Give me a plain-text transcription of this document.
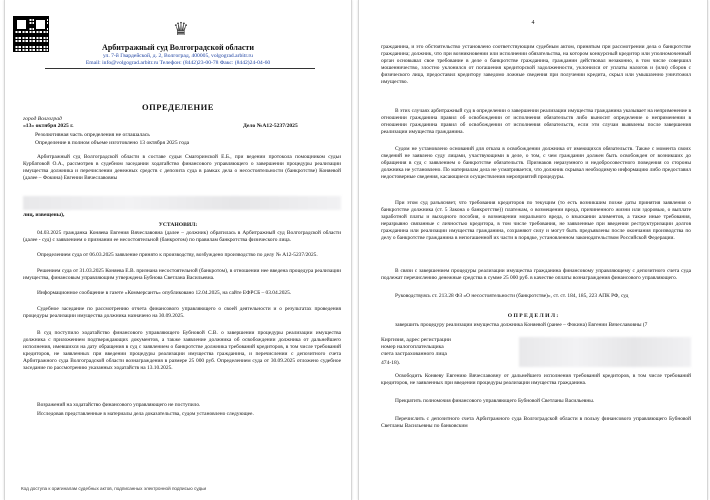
♛
Арбитражный суд Волгоградской области
ул. 7-й Гвардейской, д. 2, Волгоград, 400005, volgograd.arbitr.ru
Email: info@volgograd.arbitr.ru Телефон: (8442)23-00-78 Факс: (8442)24-04-60
ОПРЕДЕЛЕНИЕ
город Волгоград
«13» октября 2025 г.	Дело №А12-5237/2025
Резолютивная часть определения не оглашалась
Определение в полном объеме изготовлено 13 октября 2025 года
Арбитражный суд Волгоградской области в составе судьи Смагоринской Е.Б., при ведении протокола помощником судьи Курбатовой О.А., рассмотрев в судебном заседании ходатайство финансового управляющего о завершении процедуры реализации имущества должника и перечислении денежных средств с депозита суда в рамках дела о несостоятельности (банкротстве) Коняевой (далее – Фокина) Евгении Вячеславовны
лиц, извещены),
УСТАНОВИЛ:
04.03.2025 гражданка Коняева Евгения Вячеславовна (далее – должник) обратилась в Арбитражный суд Волгоградской области (далее - суд) с заявлением о признании ее несостоятельной (банкротом) по правилам банкротства физического лица.
Определением суда от 06.03.2025 заявление принято к производству, возбуждено производство по делу № А12-5237/2025.
Решением суда от 31.03.2025 Коняева Е.В. признана несостоятельной (банкротом), в отношении нее введена процедура реализации имущества, финансовым управляющим утверждена Бубнова Светлана Васильевна.
Информационное сообщение в газете «Коммерсантъ» опубликовано 12.04.2025, на сайте ЕФРСБ – 03.04.2025.
Судебное заседание по рассмотрению отчета финансового управляющего о своей деятельности и о результатах проведения процедуры реализации имущества должника назначено на 30.09.2025.
В суд поступило ходатайство финансового управляющего Бубновой С.В. о завершении процедуры реализации имущества должника с приложением подтверждающих документов, а также заявление должника об освобождении должника от дальнейшего исполнения, имевшихся на дату обращения в суд с заявлением о банкротстве должника требований кредиторов, в том числе требований кредиторов, не заявленных при введении процедуры реализации имущества гражданина, и перечислении с депозитного счета Арбитражного суда Волгоградской области вознаграждения в размере 25 000 руб. Определением суда от 30.09.2025 отложено судебное заседание по рассмотрению указанных ходатайств на 13.10.2025.
Возражений на ходатайство финансового управляющего не поступило.
Исследовав представленные в материалы дела доказательства, судом установлено следующее.
Код доступа к оригиналам судебных актов, подписанных электронной подписью судьи
4
гражданина, и это обстоятельство установлено соответствующим судебным актом, принятым при рассмотрении дела о банкротстве гражданина; должник, что при возникновении или исполнении обязательства, на котором конкурсный кредитор или уполномоченный орган основывал свое требование в деле о банкротстве гражданина, гражданин действовал незаконно, в том числе совершил мошенничество, злостно уклонился от погашения кредиторской задолженности, уклонился от уплаты налогов и (или) сборов с физического лица, предоставил кредитору заведомо ложные сведения при получении кредита, скрыл или умышленно уничтожил имущество.
В этих случаях арбитражный суд в определении о завершении реализации имущества гражданина указывает на неприменение в отношении гражданина правил об освобождении от исполнения обязательств либо выносит определение о неприменении в отношении гражданина правил об освобождении от исполнения обязательств, если эти случаи выявлены после завершения реализации имущества гражданина.
Судом не установлено оснований для отказа в освобождении должника от имеющихся обязательств. Также с момента своих сведений не заявлено суду лицами, участвующими в деле, о том, с чем гражданин должен быть освобожден от возникших до обращения в суд с заявлением о банкротстве обязательств. Признаков неразумного и недобросовестного поведения со стороны должника не установлено. По материалам дела не усматривается, что должник скрывал необходимую информацию либо предоставил недостоверные сведения, касающиеся осуществления мероприятий процедуры.
При этом суд разъясняет, что требования кредиторов по текущим (то есть возникшим позже даты принятия заявления о банкротстве должника (ст. 5 Закона о банкротстве)) платежам, о возмещении вреда, причиненного жизни или здоровью, о выплате заработной платы и выходного пособия, о возмещении морального вреда, о взыскании алиментов, а также иные требования, неразрывно связанные с личностью кредитора, в том числе требования, не заявленные при введении реструктуризации долгов гражданина или реализации имущества гражданина, сохраняют силу и могут быть предъявлены после окончания производства по делу о банкротстве гражданина в непогашенной их части в порядке, установленном законодательством Российской Федерации.
В связи с завершением процедуры реализации имущества гражданина финансовому управляющему с депозитного счета суда подлежат перечислению денежные средства в сумме 25 000 руб. в качестве оплаты вознаграждения финансового управляющего.
Руководствуясь ст. 213.28 ФЗ «О несостоятельности (банкротстве)», ст. ст. 184, 185, 223 АПК РФ, суд
О П Р Е Д Е Л И Л :
завершить процедуру реализации имущества должника Коняевой (ранее – Фокина) Евгении Вячеславовны (7
Киргизия, адрес регистрации
номер налогоплательщика
счета застрахованного лица
474-18).
Освободить Коняеву Евгению Вячеславовну от дальнейшего исполнения требований кредиторов, в том числе требований кредиторов, не заявленных при введении процедуры реализации имущества гражданина.
Прекратить полномочия финансового управляющего Бубновой Светланы Васильевны.
Перечислить с депозитного счета Арбитражного суда Волгоградской области в пользу финансового управляющего Бубновой Светланы Васильевны по банковским
